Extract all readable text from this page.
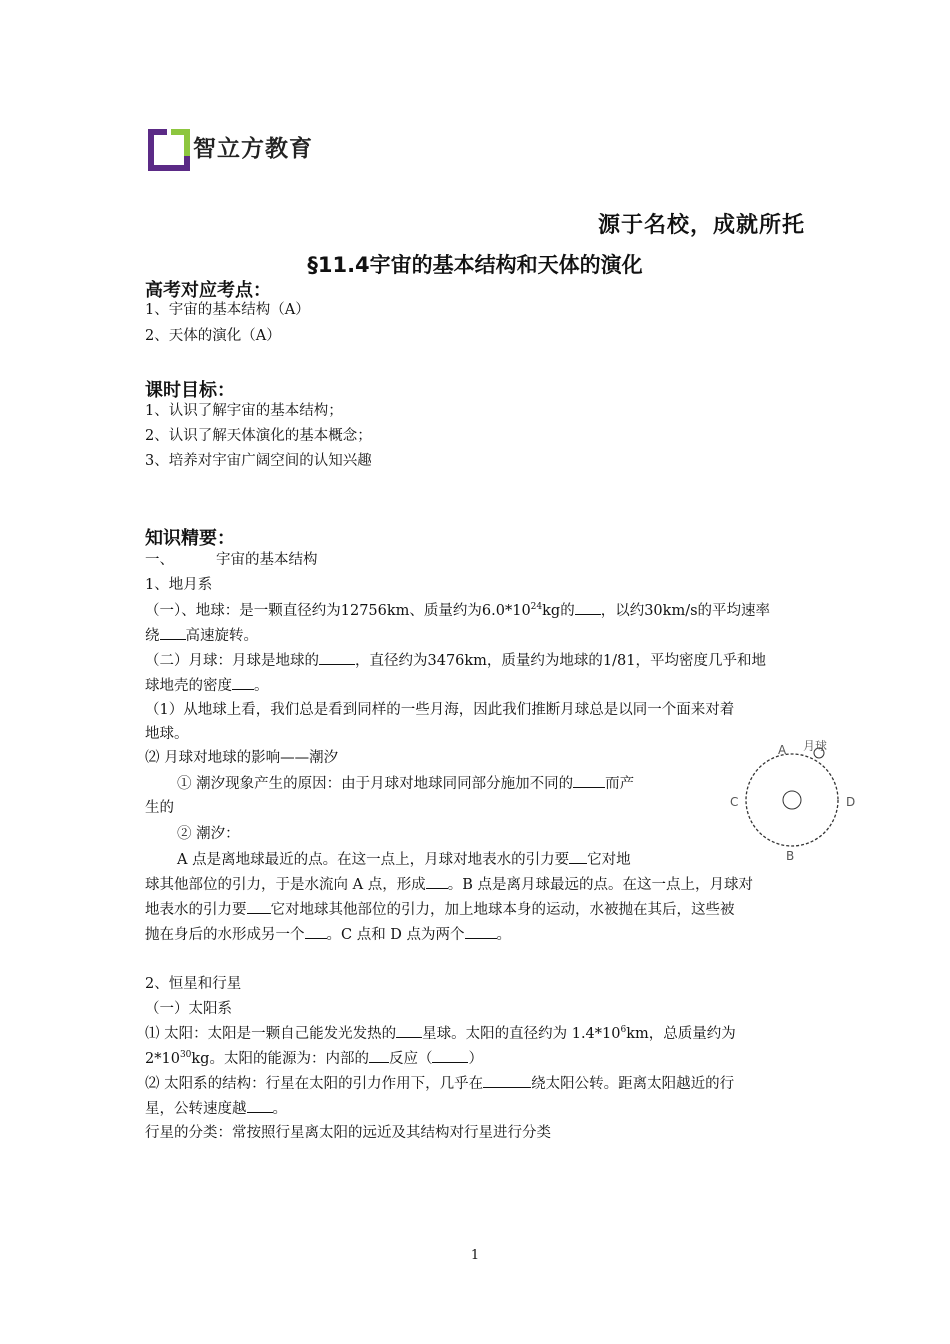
智立方教育
源于名校，成就所托
§11.4宇宙的基本结构和天体的演化
高考对应考点：
1、宇宙的基本结构（A）
2、天体的演化（A）
课时目标：
1、认识了解宇宙的基本结构；
2、认识了解天体演化的基本概念；
3、培养对宇宙广阔空间的认知兴趣
知识精要：
一、	宇宙的基本结构
1、地月系
（一）、地球：是一颗直径约为12756km、质量约为$6.0*10^{24}kg$的 ，以约30km/s的平均速率
绕 高速旋转。
（二）月球：月球是地球的 ，直径约为3476km，质量约为地球的1/81，平均密度几乎和地
球地壳的密度 。
（1）从地球上看，我们总是看到同样的一些月海，因此我们推断月球总是以同一个面来对着
地球。
⑵ 月球对地球的影响——潮汐
① 潮汐现象产生的原因：由于月球对地球同同部分施加不同的 而产
生的
② 潮汐：
A 点是离地球最近的点。在这一点上，月球对地表水的引力要 它对地
球其他部位的引力，于是水流向 A 点，形成 。B 点是离月球最远的点。在这一点上，月球对
地表水的引力要 它对地球其他部位的引力，加上地球本身的运动，水被抛在其后，这些被
抛在身后的水形成另一个 。C 点和 D 点为两个 。
2、恒星和行星
（一）太阳系
⑴ 太阳：太阳是一颗自己能发光发热的 星球。太阳的直径约为 $1.4*10^6km$，总质量约为
$2*10^{30}kg$。太阳的能源为：内部的 反应（ ）
⑵ 太阳系的结构：行星在太阳的引力作用下，几乎在	绕太阳公转。距离太阳越近的行
星，公转速度越 。
行星的分类：常按照行星离太阳的远近及其结构对行星进行分类
A 月球
C	D
B
1
